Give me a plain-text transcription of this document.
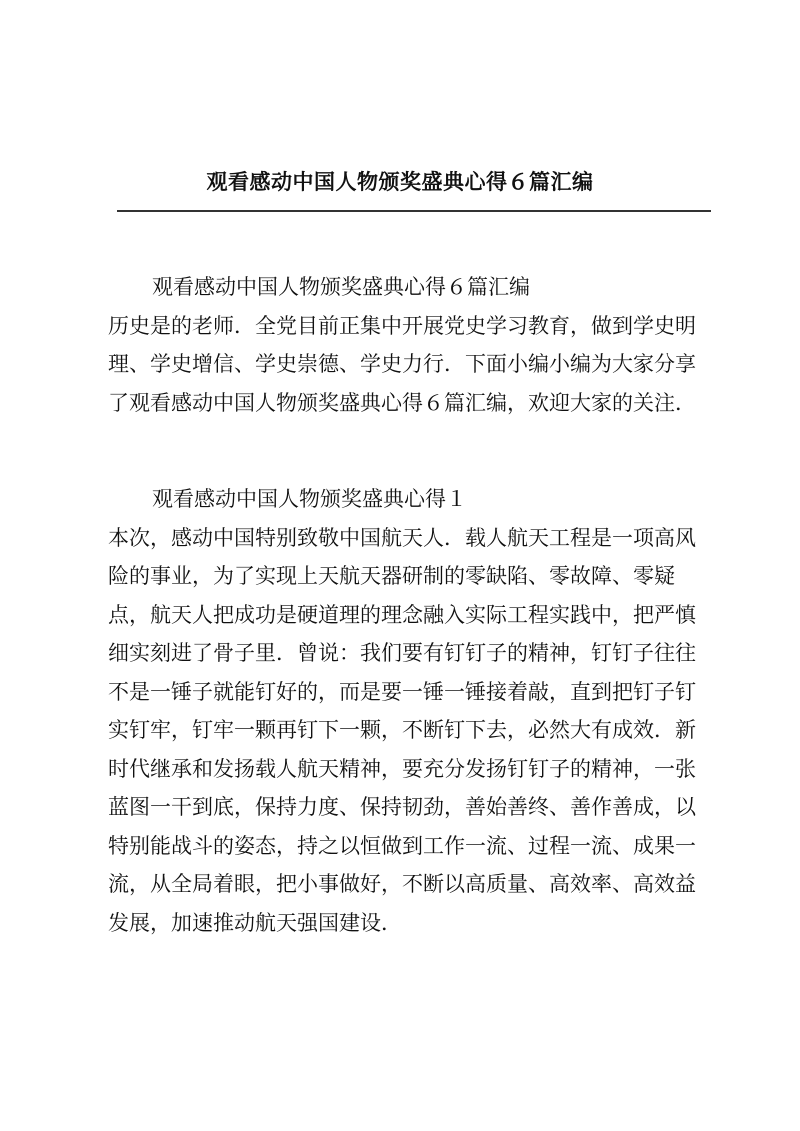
观看感动中国人物颁奖盛典心得６篇汇编
观看感动中国人物颁奖盛典心得６篇汇编
历史是的老师．全党目前正集中开展党史学习教育，做到学史明
理、学史增信、学史崇德、学史力行．下面小编小编为大家分享
了观看感动中国人物颁奖盛典心得６篇汇编，欢迎大家的关注．
观看感动中国人物颁奖盛典心得１
本次，感动中国特别致敬中国航天人．载人航天工程是一项高风
险的事业，为了实现上天航天器研制的零缺陷、零故障、零疑
点，航天人把成功是硬道理的理念融入实际工程实践中，把严慎
细实刻进了骨子里．曾说：我们要有钉钉子的精神，钉钉子往往
不是一锤子就能钉好的，而是要一锤一锤接着敲，直到把钉子钉
实钉牢，钉牢一颗再钉下一颗，不断钉下去，必然大有成效．新
时代继承和发扬载人航天精神，要充分发扬钉钉子的精神，一张
蓝图一干到底，保持力度、保持韧劲，善始善终、善作善成，以
特别能战斗的姿态，持之以恒做到工作一流、过程一流、成果一
流，从全局着眼，把小事做好，不断以高质量、高效率、高效益
发展，加速推动航天强国建设．
